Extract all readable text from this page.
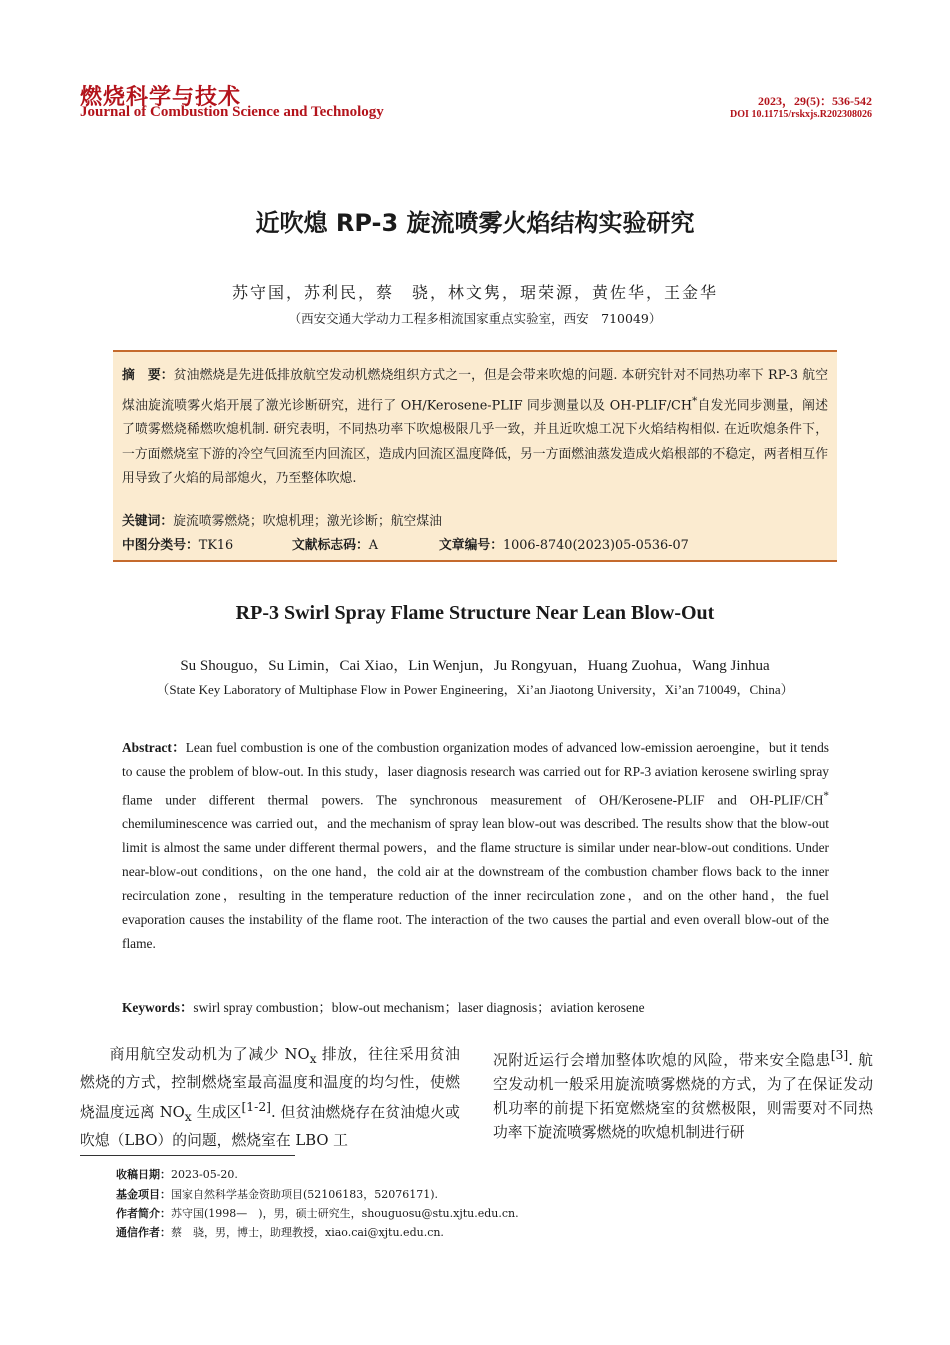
燃烧科学与技术
Journal of Combustion Science and Technology
2023，29(5)：536-542
DOI 10.11715/rskxjs.R202308026
近吹熄 RP-3 旋流喷雾火焰结构实验研究
苏守国，苏利民，蔡　骁，林文隽，琚荣源，黄佐华，王金华
（西安交通大学动力工程多相流国家重点实验室，西安　710049）

摘　要：贫油燃烧是先进低排放航空发动机燃烧组织方式之一，但是会带来吹熄的问题. 本研究针对不同热功率下 RP-3 航空煤油旋流喷雾火焰开展了激光诊断研究，进行了 OH/Kerosene-PLIF 同步测量以及 OH-PLIF/CH*自发光同步测量，阐述了喷雾燃烧稀燃吹熄机制. 研究表明，不同热功率下吹熄极限几乎一致，并且近吹熄工况下火焰结构相似. 在近吹熄条件下，一方面燃烧室下游的冷空气回流至内回流区，造成内回流区温度降低，另一方面燃油蒸发造成火焰根部的不稳定，两者相互作用导致了火焰的局部熄火，乃至整体吹熄.

关键词：旋流喷雾燃烧；吹熄机理；激光诊断；航空煤油
中图分类号：TK16	文献标志码：A	文章编号：1006-8740(2023)05-0536-07
RP-3 Swirl Spray Flame Structure Near Lean Blow-Out
Su Shouguo，Su Limin，Cai Xiao，Lin Wenjun，Ju Rongyuan，Huang Zuohua，Wang Jinhua
（State Key Laboratory of Multiphase Flow in Power Engineering，Xi’an Jiaotong University，Xi’an 710049，China）

Abstract：Lean fuel combustion is one of the combustion organization modes of advanced low-emission aeroengine，but it tends to cause the problem of blow-out. In this study，laser diagnosis research was carried out for RP-3 aviation kerosene swirling spray flame under different thermal powers. The synchronous measurement of OH/Kerosene-PLIF and OH-PLIF/CH* chemiluminescence was carried out，and the mechanism of spray lean blow-out was described. The results show that the blow-out limit is almost the same under different thermal powers，and the flame structure is similar under near-blow-out conditions. Under near-blow-out conditions，on the one hand，the cold air at the downstream of the combustion chamber flows back to the inner recirculation zone，resulting in the temperature reduction of the inner recirculation zone，and on the other hand，the fuel evaporation causes the instability of the flame root. The interaction of the two causes the partial and even overall blow-out of the flame.

Keywords：swirl spray combustion；blow-out mechanism；laser diagnosis；aviation kerosene

商用航空发动机为了减少 $NO_x$ 排放，往往采用贫油燃烧的方式，控制燃烧室最高温度和温度的均匀性，使燃烧温度远离 $NO_x$ 生成区[1-2]. 但贫油燃烧存在贫油熄火或吹熄（LBO）的问题，燃烧室在 LBO 工

况附近运行会增加整体吹熄的风险，带来安全隐患[3]. 航空发动机一般采用旋流喷雾燃烧的方式，为了在保证发动机功率的前提下拓宽燃烧室的贫燃极限，则需要对不同热功率下旋流喷雾燃烧的吹熄机制进行研

收稿日期：2023-05-20.
基金项目：国家自然科学基金资助项目(52106183，52076171).
作者简介：苏守国(1998—　)，男，硕士研究生，shouguosu@stu.xjtu.edu.cn.
通信作者：蔡　骁，男，博士，助理教授，xiao.cai@xjtu.edu.cn.
